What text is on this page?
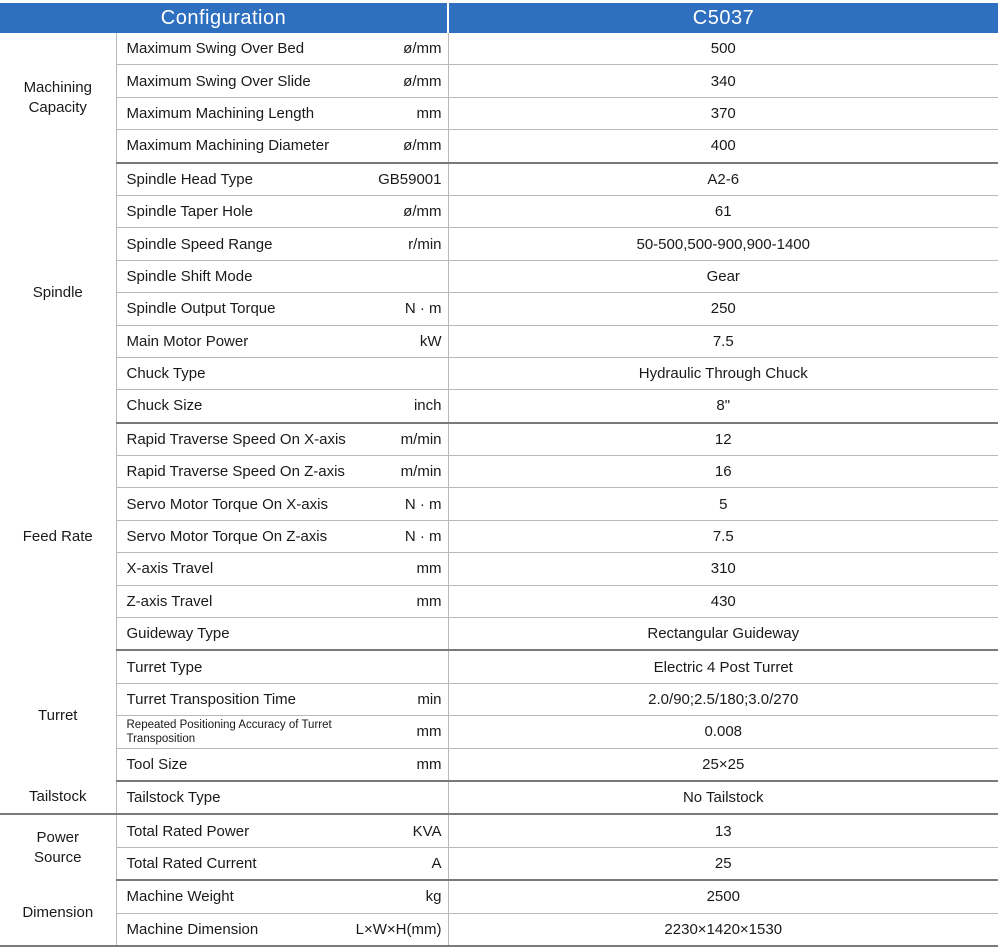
Configuration		C5037
Machining
Capacity	Maximum Swing Over Bed ø/mm	500

	Maximum Swing Over Slide ø/mm	340

	Maximum Machining Length mm	370

	Maximum Machining Diameter ø/mm	400
Spindle	Spindle Head Type GB59001	A2-6

	Spindle Taper Hole ø/mm	61

	Spindle Speed Range r/min	50-500,500-900,900-1400

	Spindle Shift Mode	Gear

	Spindle Output Torque N · m	250

	Main Motor Power kW	7.5

	Chuck Type	Hydraulic Through Chuck

	Chuck Size inch	8"
Feed Rate	Rapid Traverse Speed On X-axis m/min	12

	Rapid Traverse Speed On Z-axis m/min	16

	Servo Motor Torque On X-axis N · m	5

	Servo Motor Torque On Z-axis N · m	7.5

	X-axis Travel mm	310

	Z-axis Travel mm	430

	Guideway Type	Rectangular Guideway
Turret	Turret Type	Electric 4 Post Turret

	Turret Transposition Time min	2.0/90;2.5/180;3.0/270

	Repeated Positioning Accuracy of Turret Transposition mm	0.008

	Tool Size mm	25×25
Tailstock	Tailstock Type	No Tailstock
Power
Source	Total Rated Power KVA	13

	Total Rated Current A	25
Dimension	Machine Weight kg	2500

	Machine Dimension L×W×H(mm)	2230×1420×1530
